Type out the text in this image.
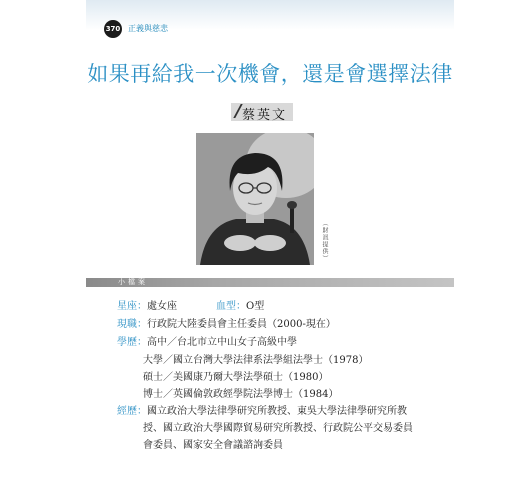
370 正義與慈悲
如果再給我一次機會，還是會選擇法律
蔡英文
（財訊提供）
小檔案
星座：處女座	血型：O型
現職：行政院大陸委員會主任委員（2000-現在）
學歷：高中／台北市立中山女子高級中學
大學／國立台灣大學法律系法學組法學士（1978）
碩士／美國康乃爾大學法學碩士（1980）
博士／英國倫敦政經學院法學博士（1984）
經歷：國立政治大學法律學研究所教授、東吳大學法律學研究所教
授、國立政治大學國際貿易研究所教授、行政院公平交易委員
會委員、國家安全會議諮詢委員
